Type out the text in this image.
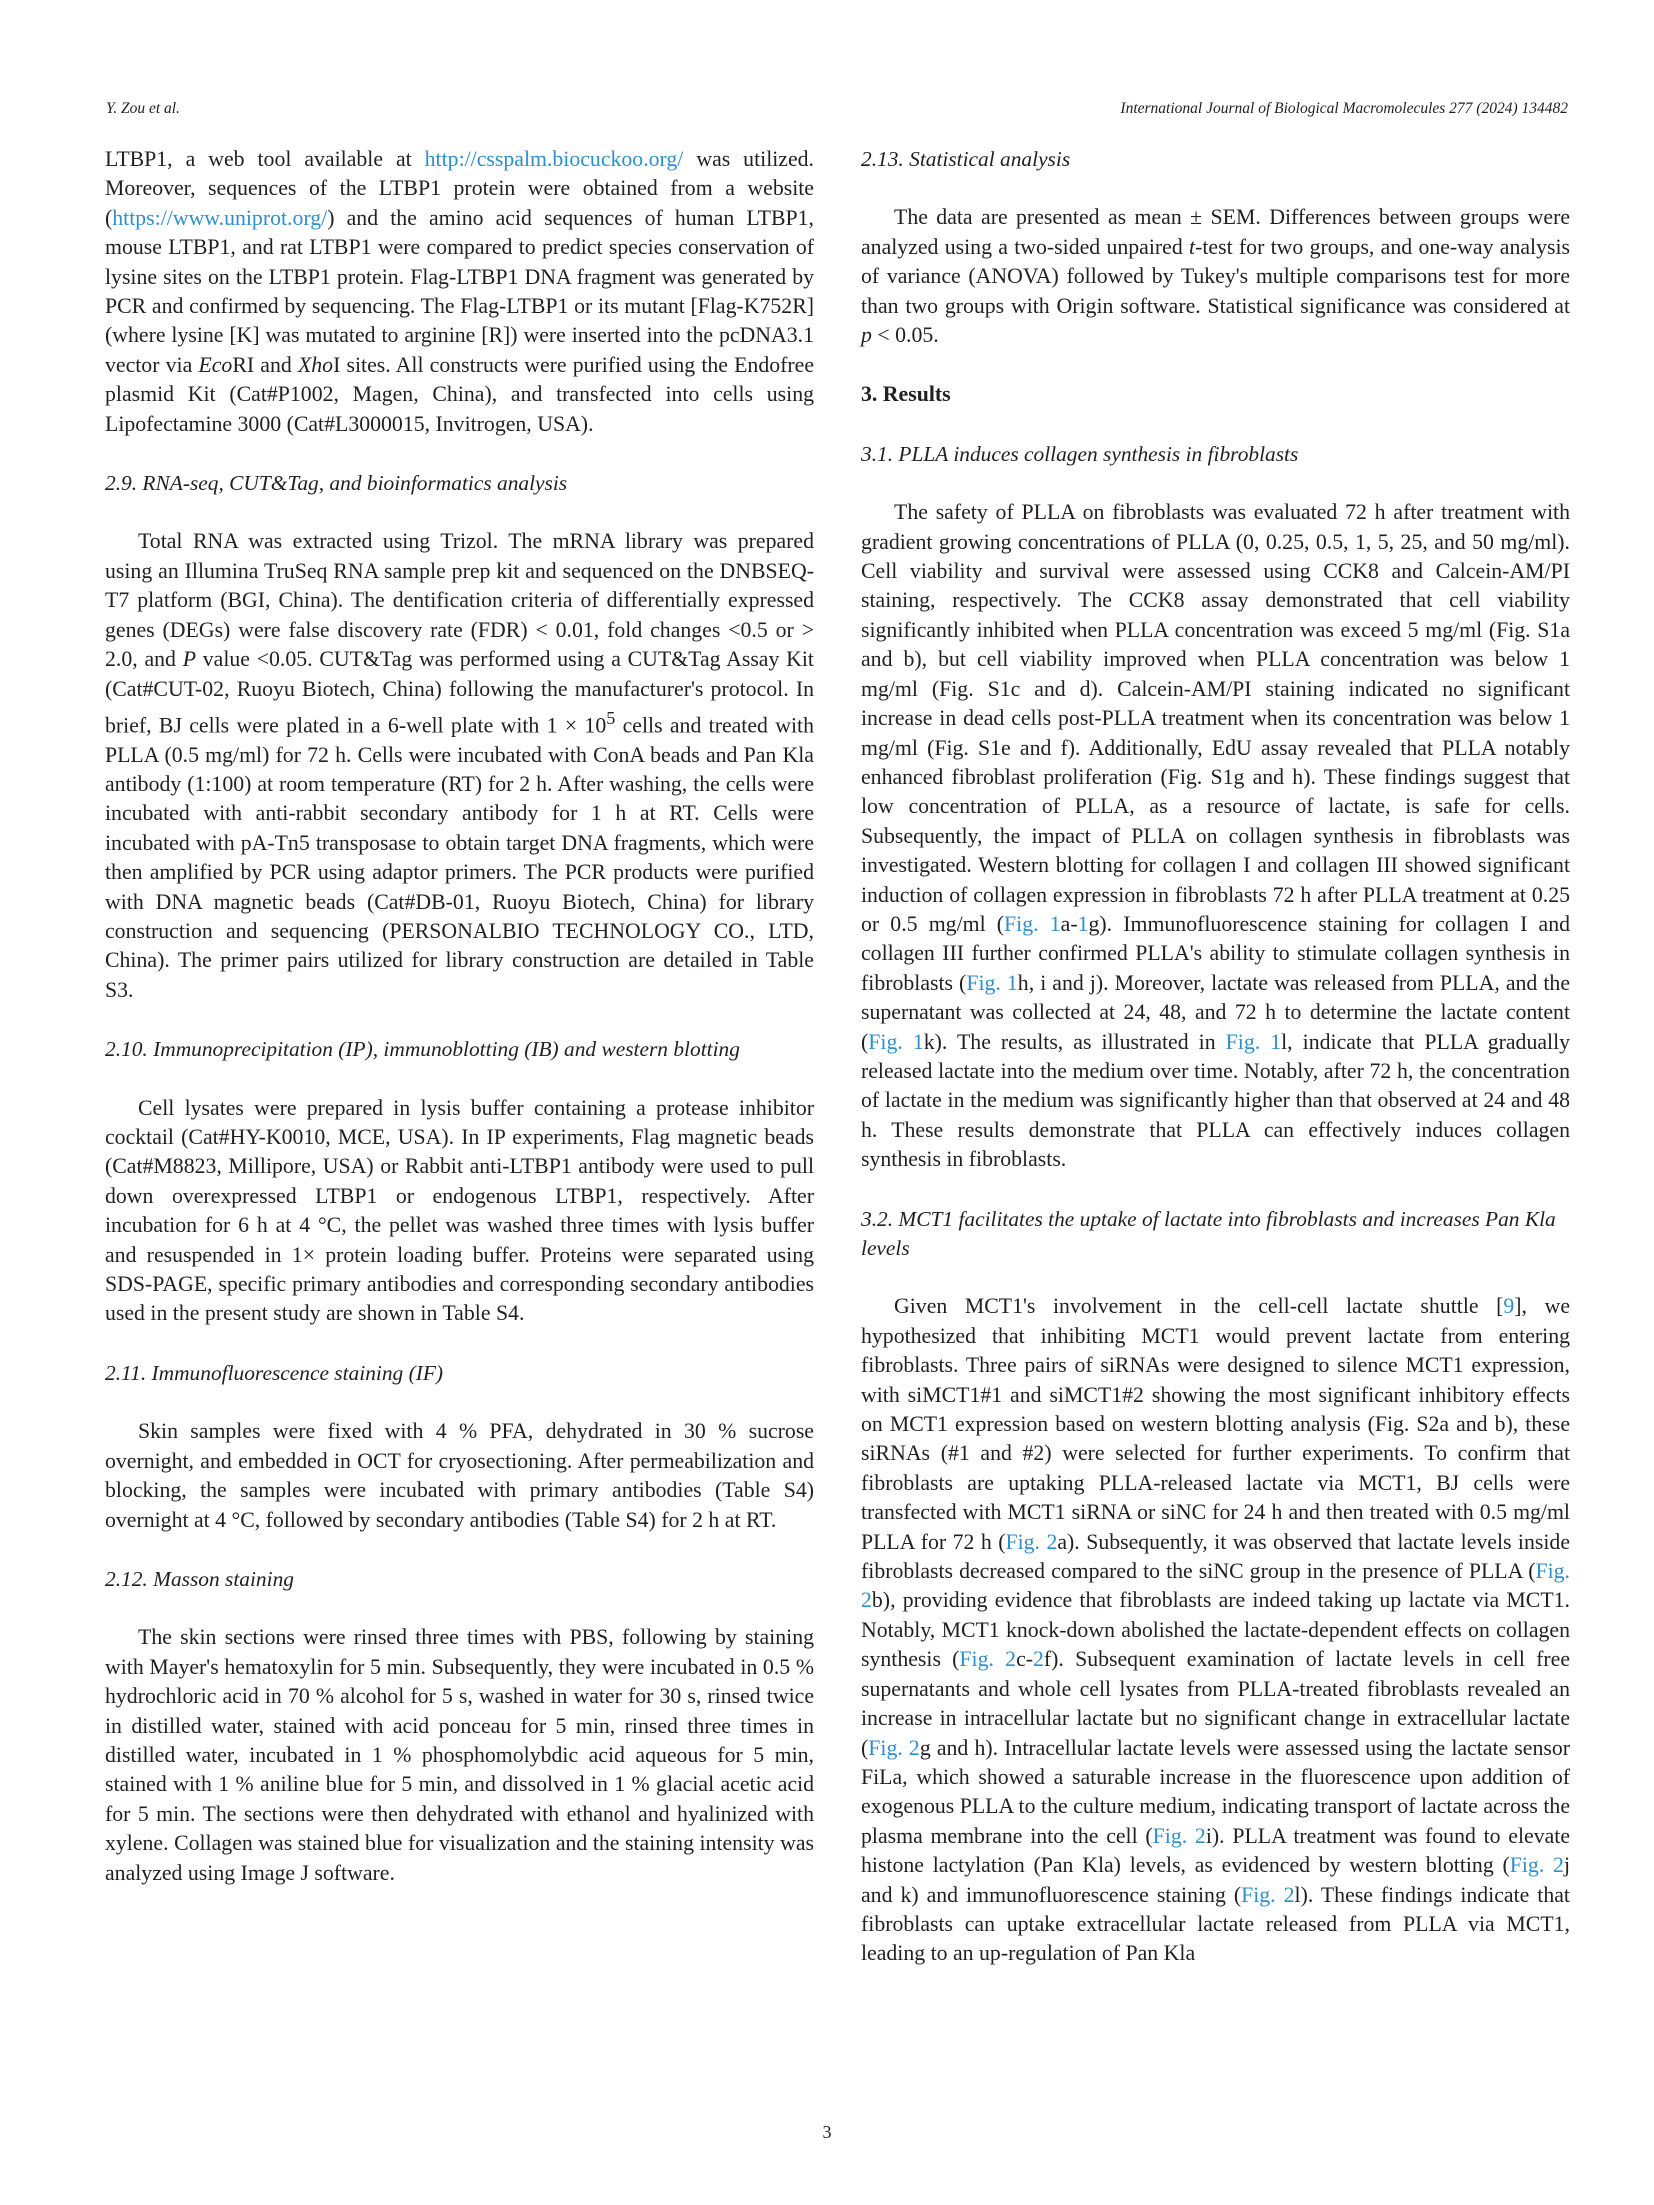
Y. Zou et al.	International Journal of Biological Macromolecules 277 (2024) 134482

LTBP1, a web tool available at http://csspalm.biocuckoo.org/ was utilized. Moreover, sequences of the LTBP1 protein were obtained from a website (https://www.uniprot.org/) and the amino acid sequences of human LTBP1, mouse LTBP1, and rat LTBP1 were compared to predict species conservation of lysine sites on the LTBP1 protein. Flag-LTBP1 DNA fragment was generated by PCR and confirmed by sequencing. The Flag-LTBP1 or its mutant [Flag-K752R] (where lysine [K] was mutated to arginine [R]) were inserted into the pcDNA3.1 vector via EcoRI and XhoI sites. All constructs were purified using the Endofree plasmid Kit (Cat#P1002, Magen, China), and transfected into cells using Lipofectamine 3000 (Cat#L3000015, Invitrogen, USA).

2.9. RNA-seq, CUT&Tag, and bioinformatics analysis

Total RNA was extracted using Trizol. The mRNA library was prepared using an Illumina TruSeq RNA sample prep kit and sequenced on the DNBSEQ-T7 platform (BGI, China). The dentification criteria of differentially expressed genes (DEGs) were false discovery rate (FDR) < 0.01, fold changes <0.5 or > 2.0, and P value <0.05. CUT&Tag was performed using a CUT&Tag Assay Kit (Cat#CUT-02, Ruoyu Biotech, China) following the manufacturer's protocol. In brief, BJ cells were plated in a 6-well plate with $1 \times 10^5$ cells and treated with PLLA (0.5 mg/ml) for 72 h. Cells were incubated with ConA beads and Pan Kla antibody (1:100) at room temperature (RT) for 2 h. After washing, the cells were incubated with anti-rabbit secondary antibody for 1 h at RT. Cells were incubated with pA-Tn5 transposase to obtain target DNA fragments, which were then amplified by PCR using adaptor primers. The PCR products were purified with DNA magnetic beads (Cat#DB-01, Ruoyu Biotech, China) for library construction and sequencing (PERSONALBIO TECHNOLOGY CO., LTD, China). The primer pairs utilized for library construction are detailed in Table S3.

2.10. Immunoprecipitation (IP), immunoblotting (IB) and western blotting

Cell lysates were prepared in lysis buffer containing a protease inhibitor cocktail (Cat#HY-K0010, MCE, USA). In IP experiments, Flag magnetic beads (Cat#M8823, Millipore, USA) or Rabbit anti-LTBP1 antibody were used to pull down overexpressed LTBP1 or endogenous LTBP1, respectively. After incubation for 6 h at 4 °C, the pellet was washed three times with lysis buffer and resuspended in 1× protein loading buffer. Proteins were separated using SDS-PAGE, specific primary antibodies and corresponding secondary antibodies used in the present study are shown in Table S4.

2.11. Immunofluorescence staining (IF)

Skin samples were fixed with 4 % PFA, dehydrated in 30 % sucrose overnight, and embedded in OCT for cryosectioning. After permeabilization and blocking, the samples were incubated with primary antibodies (Table S4) overnight at 4 °C, followed by secondary antibodies (Table S4) for 2 h at RT.

2.12. Masson staining

The skin sections were rinsed three times with PBS, following by staining with Mayer's hematoxylin for 5 min. Subsequently, they were incubated in 0.5 % hydrochloric acid in 70 % alcohol for 5 s, washed in water for 30 s, rinsed twice in distilled water, stained with acid ponceau for 5 min, rinsed three times in distilled water, incubated in 1 % phosphomolybdic acid aqueous for 5 min, stained with 1 % aniline blue for 5 min, and dissolved in 1 % glacial acetic acid for 5 min. The sections were then dehydrated with ethanol and hyalinized with xylene. Collagen was stained blue for visualization and the staining intensity was analyzed using Image J software.

2.13. Statistical analysis

The data are presented as mean ± SEM. Differences between groups were analyzed using a two-sided unpaired t-test for two groups, and one-way analysis of variance (ANOVA) followed by Tukey's multiple comparisons test for more than two groups with Origin software. Statistical significance was considered at p < 0.05.

3. Results
3.1. PLLA induces collagen synthesis in fibroblasts

The safety of PLLA on fibroblasts was evaluated 72 h after treatment with gradient growing concentrations of PLLA (0, 0.25, 0.5, 1, 5, 25, and 50 mg/ml). Cell viability and survival were assessed using CCK8 and Calcein-AM/PI staining, respectively. The CCK8 assay demonstrated that cell viability significantly inhibited when PLLA concentration was exceed 5 mg/ml (Fig. S1a and b), but cell viability improved when PLLA concentration was below 1 mg/ml (Fig. S1c and d). Calcein-AM/PI staining indicated no significant increase in dead cells post-PLLA treatment when its concentration was below 1 mg/ml (Fig. S1e and f). Additionally, EdU assay revealed that PLLA notably enhanced fibroblast proliferation (Fig. S1g and h). These findings suggest that low concentration of PLLA, as a resource of lactate, is safe for cells. Subsequently, the impact of PLLA on collagen synthesis in fibroblasts was investigated. Western blotting for collagen I and collagen III showed significant induction of collagen expression in fibroblasts 72 h after PLLA treatment at 0.25 or 0.5 mg/ml (Fig. 1a-1g). Immunofluorescence staining for collagen I and collagen III further confirmed PLLA's ability to stimulate collagen synthesis in fibroblasts (Fig. 1h, i and j). Moreover, lactate was released from PLLA, and the supernatant was collected at 24, 48, and 72 h to determine the lactate content (Fig. 1k). The results, as illustrated in Fig. 1l, indicate that PLLA gradually released lactate into the medium over time. Notably, after 72 h, the concentration of lactate in the medium was significantly higher than that observed at 24 and 48 h. These results demonstrate that PLLA can effectively induces collagen synthesis in fibroblasts.

3.2. MCT1 facilitates the uptake of lactate into fibroblasts and increases Pan Kla levels

Given MCT1's involvement in the cell-cell lactate shuttle [9], we hypothesized that inhibiting MCT1 would prevent lactate from entering fibroblasts. Three pairs of siRNAs were designed to silence MCT1 expression, with siMCT1#1 and siMCT1#2 showing the most significant inhibitory effects on MCT1 expression based on western blotting analysis (Fig. S2a and b), these siRNAs (#1 and #2) were selected for further experiments. To confirm that fibroblasts are uptaking PLLA-released lactate via MCT1, BJ cells were transfected with MCT1 siRNA or siNC for 24 h and then treated with 0.5 mg/ml PLLA for 72 h (Fig. 2a). Subsequently, it was observed that lactate levels inside fibroblasts decreased compared to the siNC group in the presence of PLLA (Fig. 2b), providing evidence that fibroblasts are indeed taking up lactate via MCT1. Notably, MCT1 knock-down abolished the lactate-dependent effects on collagen synthesis (Fig. 2c-2f). Subsequent examination of lactate levels in cell free supernatants and whole cell lysates from PLLA-treated fibroblasts revealed an increase in intracellular lactate but no significant change in extracellular lactate (Fig. 2g and h). Intracellular lactate levels were assessed using the lactate sensor FiLa, which showed a saturable increase in the fluorescence upon addition of exogenous PLLA to the culture medium, indicating transport of lactate across the plasma membrane into the cell (Fig. 2i). PLLA treatment was found to elevate histone lactylation (Pan Kla) levels, as evidenced by western blotting (Fig. 2j and k) and immunofluorescence staining (Fig. 2l). These findings indicate that fibroblasts can uptake extracellular lactate released from PLLA via MCT1, leading to an up-regulation of Pan Kla

3
